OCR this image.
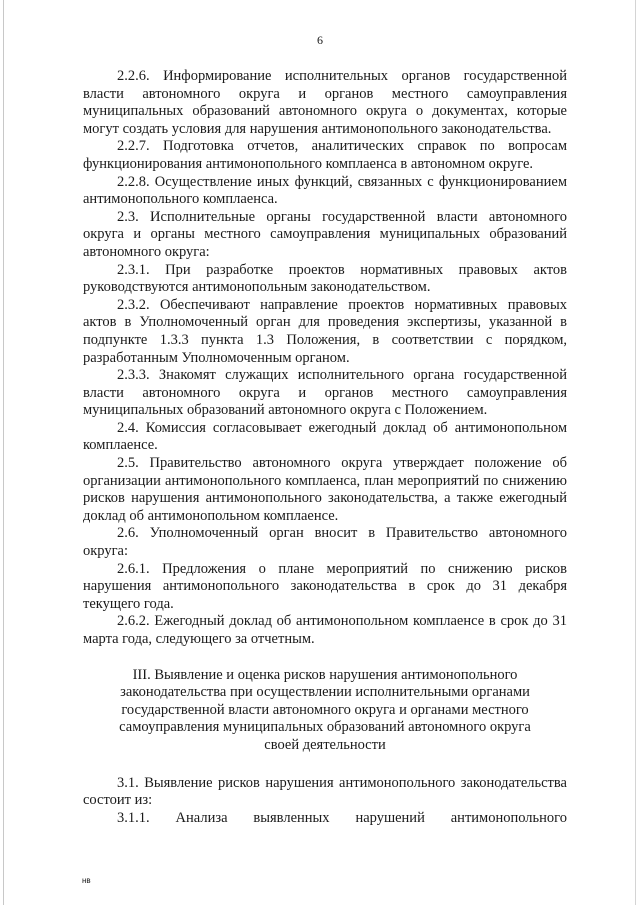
6

2.2.6. Информирование исполнительных органов государственной власти автономного округа и органов местного самоуправления муниципальных образований автономного округа о документах, которые могут создать условия для нарушения антимонопольного законодательства.

2.2.7. Подготовка отчетов, аналитических справок по вопросам функционирования антимонопольного комплаенса в автономном округе.

2.2.8. Осуществление иных функций, связанных с функционированием антимонопольного комплаенса.

2.3. Исполнительные органы государственной власти автономного округа и органы местного самоуправления муниципальных образований автономного округа:

2.3.1. При разработке проектов нормативных правовых актов руководствуются антимонопольным законодательством.

2.3.2. Обеспечивают направление проектов нормативных правовых актов в Уполномоченный орган для проведения экспертизы, указанной в подпункте 1.3.3 пункта 1.3 Положения, в соответствии с порядком, разработанным Уполномоченным органом.

2.3.3. Знакомят служащих исполнительного органа государственной власти автономного округа и органов местного самоуправления муниципальных образований автономного округа с Положением.

2.4. Комиссия согласовывает ежегодный доклад об антимонопольном комплаенсе.

2.5. Правительство автономного округа утверждает положение об организации антимонопольного комплаенса, план мероприятий по снижению рисков нарушения антимонопольного законодательства, а также ежегодный доклад об антимонопольном комплаенсе.

2.6. Уполномоченный орган вносит в Правительство автономного округа:

2.6.1. Предложения о плане мероприятий по снижению рисков нарушения антимонопольного законодательства в срок до 31 декабря текущего года.

2.6.2. Ежегодный доклад об антимонопольном комплаенсе в срок до 31 марта года, следующего за отчетным.

III. Выявление и оценка рисков нарушения антимонопольного
законодательства при осуществлении исполнительными органами
государственной власти автономного округа и органами местного
самоуправления муниципальных образований автономного округа
своей деятельности

3.1. Выявление рисков нарушения антимонопольного законодательства состоит из:

3.1.1. Анализа выявленных нарушений антимонопольного

нв
